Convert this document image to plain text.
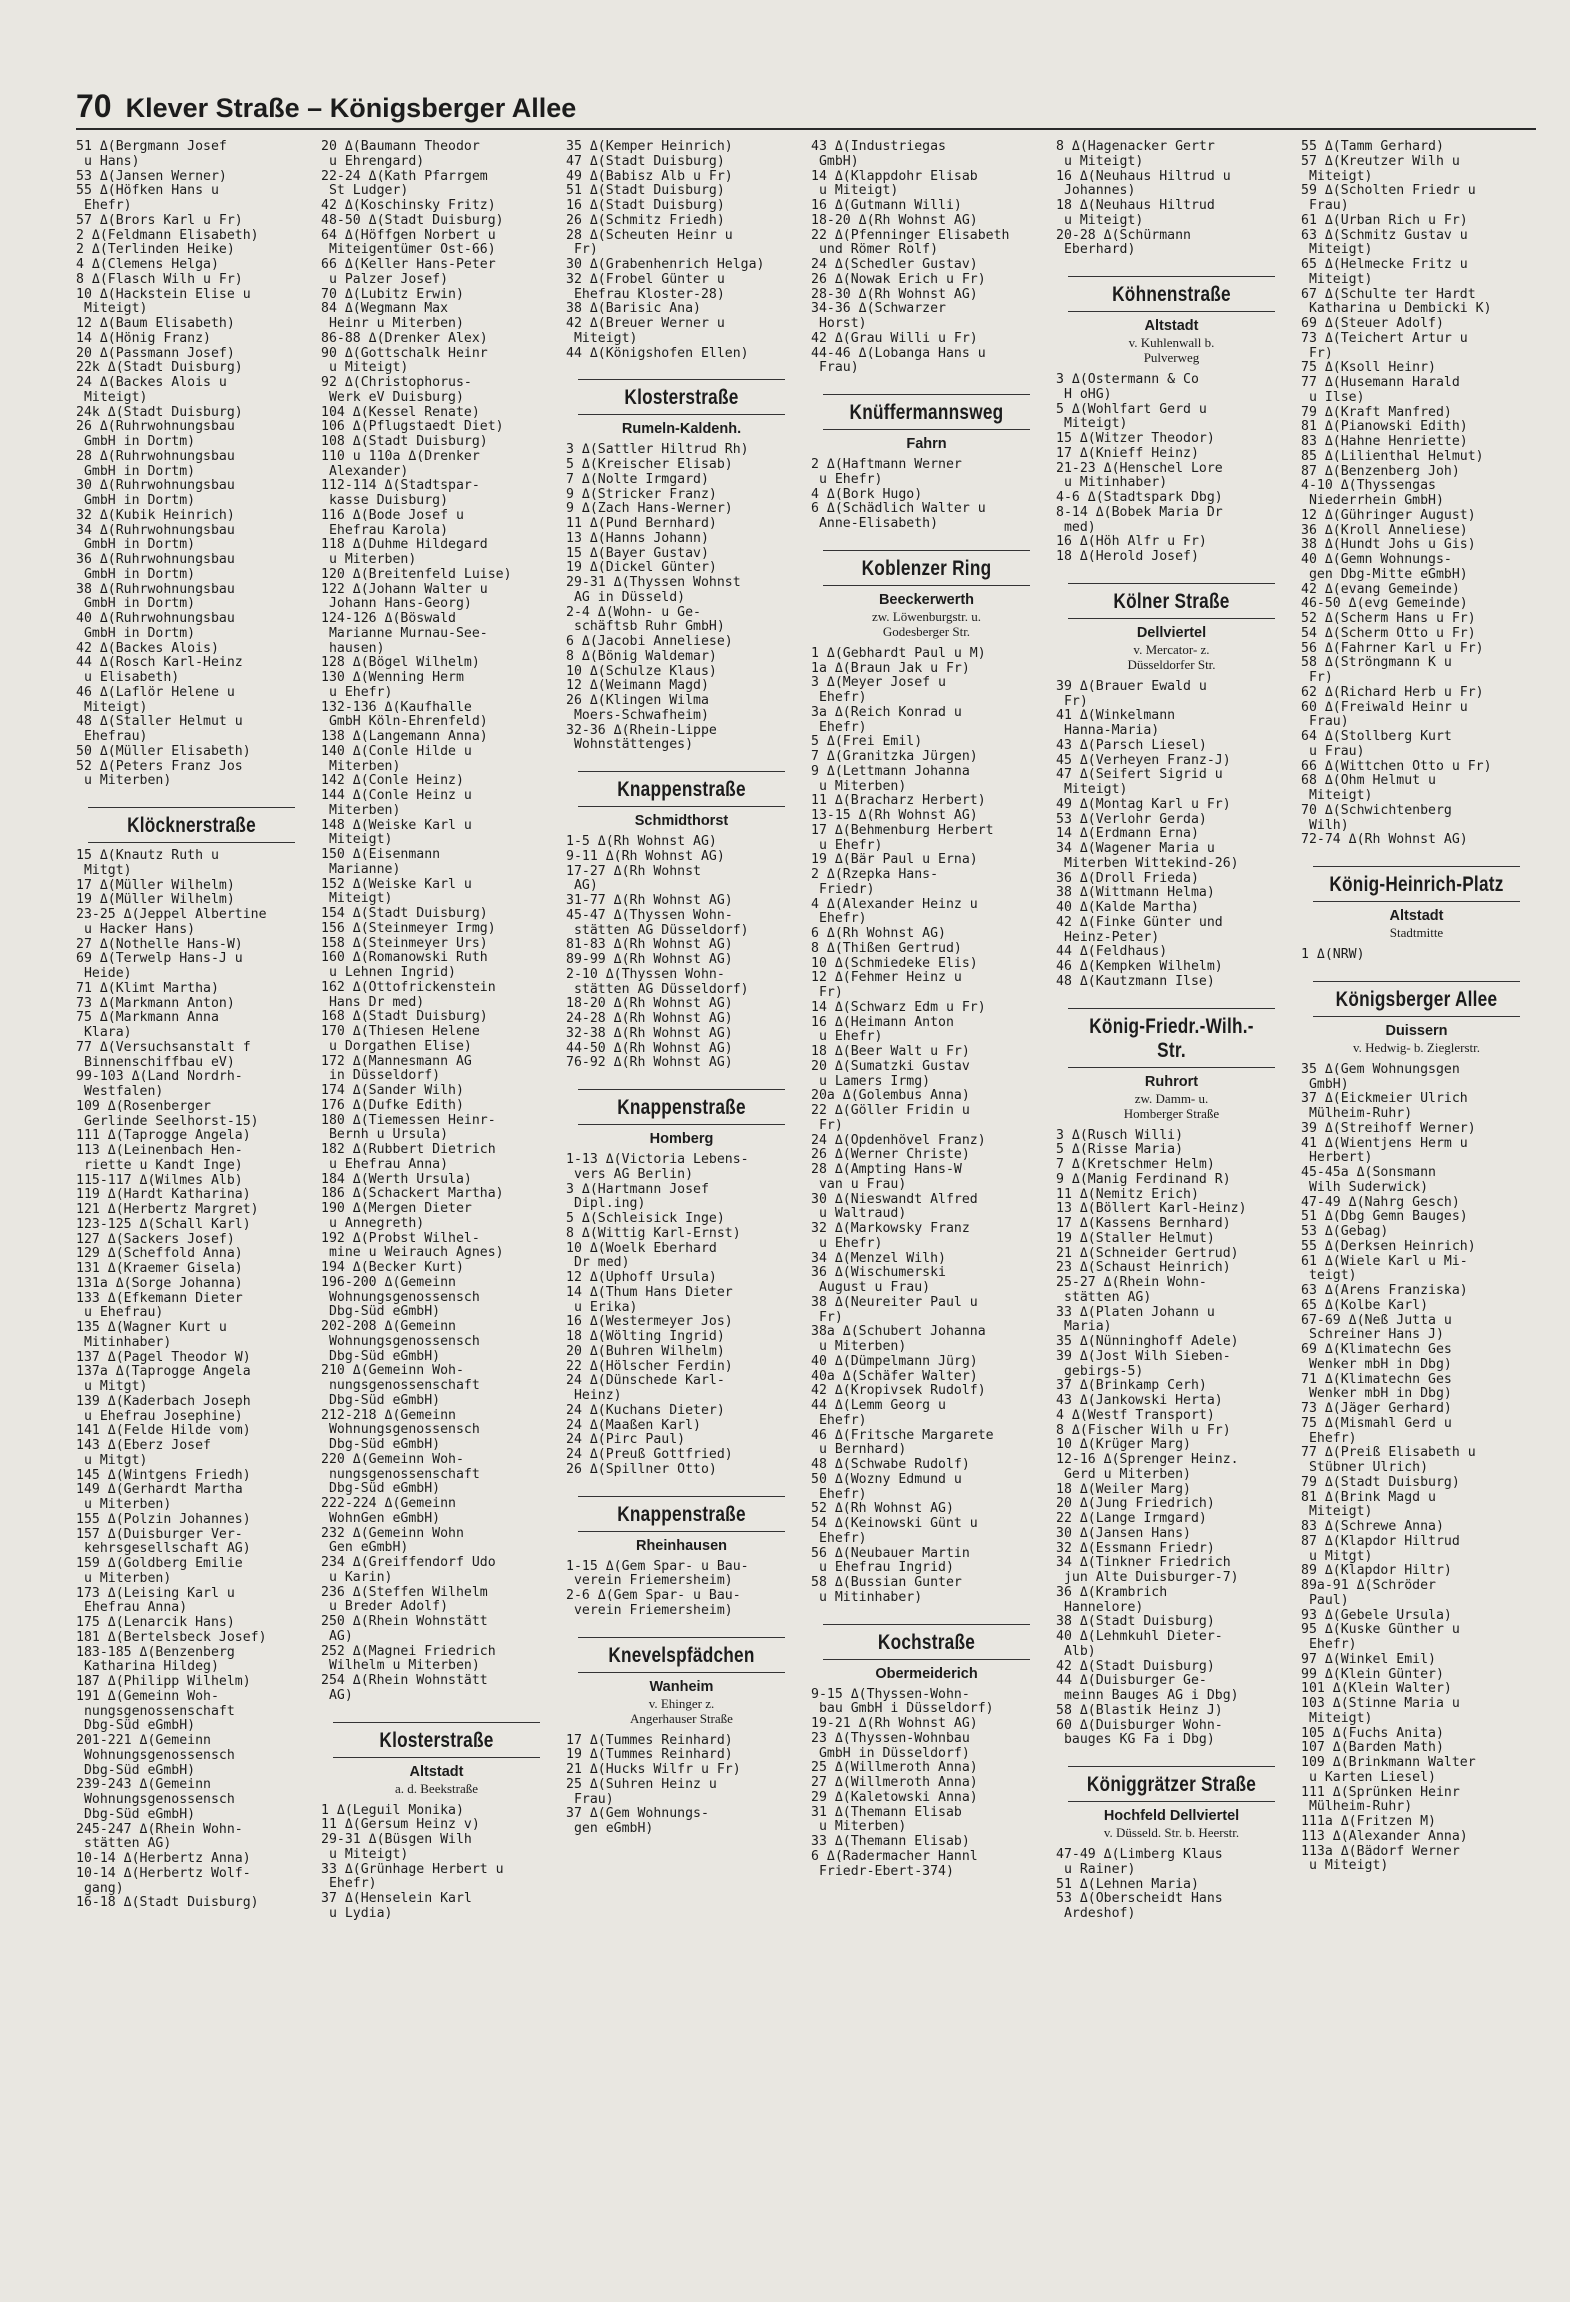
70 Klever Straße – Königsberger Allee
51 Δ(Bergmann Josef
u Hans)
53 Δ(Jansen Werner)
55 Δ(Höfken Hans u
Ehefr)
57 Δ(Brors Karl u Fr)
2 Δ(Feldmann Elisabeth)
2 Δ(Terlinden Heike)
4 Δ(Clemens Helga)
8 Δ(Flasch Wilh u Fr)
10 Δ(Hackstein Elise u
Miteigt)
12 Δ(Baum Elisabeth)
14 Δ(Hönig Franz)
20 Δ(Passmann Josef)
22k Δ(Stadt Duisburg)
24 Δ(Backes Alois u
Miteigt)
24k Δ(Stadt Duisburg)
26 Δ(Ruhrwohnungsbau
GmbH in Dortm)
28 Δ(Ruhrwohnungsbau
GmbH in Dortm)
30 Δ(Ruhrwohnungsbau
GmbH in Dortm)
32 Δ(Kubik Heinrich)
34 Δ(Ruhrwohnungsbau
GmbH in Dortm)
36 Δ(Ruhrwohnungsbau
GmbH in Dortm)
38 Δ(Ruhrwohnungsbau
GmbH in Dortm)
40 Δ(Ruhrwohnungsbau
GmbH in Dortm)
42 Δ(Backes Alois)
44 Δ(Rosch Karl-Heinz
u Elisabeth)
46 Δ(Laflör Helene u
Miteigt)
48 Δ(Staller Helmut u
Ehefrau)
50 Δ(Müller Elisabeth)
52 Δ(Peters Franz Jos
u Miterben)
Klöcknerstraße
15 Δ(Knautz Ruth u
Mitgt)
17 Δ(Müller Wilhelm)
19 Δ(Müller Wilhelm)
23-25 Δ(Jeppel Albertine
u Hacker Hans)
27 Δ(Nothelle Hans-W)
69 Δ(Terwelp Hans-J u
Heide)
71 Δ(Klimt Martha)
73 Δ(Markmann Anton)
75 Δ(Markmann Anna
Klara)
77 Δ(Versuchsanstalt f
Binnenschiffbau eV)
99-103 Δ(Land Nordrh-
Westfalen)
109 Δ(Rosenberger
Gerlinde Seelhorst-15)
111 Δ(Taprogge Angela)
113 Δ(Leinenbach Hen-
riette u Kandt Inge)
115-117 Δ(Wilmes Alb)
119 Δ(Hardt Katharina)
121 Δ(Herbertz Margret)
123-125 Δ(Schall Karl)
127 Δ(Sackers Josef)
129 Δ(Scheffold Anna)
131 Δ(Kraemer Gisela)
131a Δ(Sorge Johanna)
133 Δ(Efkemann Dieter
u Ehefrau)
135 Δ(Wagner Kurt u
Mitinhaber)
137 Δ(Pagel Theodor W)
137a Δ(Taprogge Angela
u Mitgt)
139 Δ(Kaderbach Joseph
u Ehefrau Josephine)
141 Δ(Felde Hilde vom)
143 Δ(Eberz Josef
u Mitgt)
145 Δ(Wintgens Friedh)
149 Δ(Gerhardt Martha
u Miterben)
155 Δ(Polzin Johannes)
157 Δ(Duisburger Ver-
kehrsgesellschaft AG)
159 Δ(Goldberg Emilie
u Miterben)
173 Δ(Leising Karl u
Ehefrau Anna)
175 Δ(Lenarcik Hans)
181 Δ(Bertelsbeck Josef)
183-185 Δ(Benzenberg
Katharina Hildeg)
187 Δ(Philipp Wilhelm)
191 Δ(Gemeinn Woh-
nungsgenossenschaft
Dbg-Süd eGmbH)
201-221 Δ(Gemeinn
Wohnungsgenossensch
Dbg-Süd eGmbH)
239-243 Δ(Gemeinn
Wohnungsgenossensch
Dbg-Süd eGmbH)
245-247 Δ(Rhein Wohn-
stätten AG)
10-14 Δ(Herbertz Anna)
10-14 Δ(Herbertz Wolf-
gang)
16-18 Δ(Stadt Duisburg)
20 Δ(Baumann Theodor
u Ehrengard)
22-24 Δ(Kath Pfarrgem
St Ludger)
42 Δ(Koschinsky Fritz)
48-50 Δ(Stadt Duisburg)
64 Δ(Höffgen Norbert u
Miteigentümer Ost-66)
66 Δ(Keller Hans-Peter
u Palzer Josef)
70 Δ(Lubitz Erwin)
84 Δ(Wegmann Max
Heinr u Miterben)
86-88 Δ(Drenker Alex)
90 Δ(Gottschalk Heinr
u Miteigt)
92 Δ(Christophorus-
Werk eV Duisburg)
104 Δ(Kessel Renate)
106 Δ(Pflugstaedt Diet)
108 Δ(Stadt Duisburg)
110 u 110a Δ(Drenker
Alexander)
112-114 Δ(Stadtspar-
kasse Duisburg)
116 Δ(Bode Josef u
Ehefrau Karola)
118 Δ(Duhme Hildegard
u Miterben)
120 Δ(Breitenfeld Luise)
122 Δ(Johann Walter u
Johann Hans-Georg)
124-126 Δ(Böswald
Marianne Murnau-See-
hausen)
128 Δ(Bögel Wilhelm)
130 Δ(Wenning Herm
u Ehefr)
132-136 Δ(Kaufhalle
GmbH Köln-Ehrenfeld)
138 Δ(Langemann Anna)
140 Δ(Conle Hilde u
Miterben)
142 Δ(Conle Heinz)
144 Δ(Conle Heinz u
Miterben)
148 Δ(Weiske Karl u
Miteigt)
150 Δ(Eisenmann
Marianne)
152 Δ(Weiske Karl u
Miteigt)
154 Δ(Stadt Duisburg)
156 Δ(Steinmeyer Irmg)
158 Δ(Steinmeyer Urs)
160 Δ(Romanowski Ruth
u Lehnen Ingrid)
162 Δ(Ottofrickenstein
Hans Dr med)
168 Δ(Stadt Duisburg)
170 Δ(Thiesen Helene
u Dorgathen Elise)
172 Δ(Mannesmann AG
in Düsseldorf)
174 Δ(Sander Wilh)
176 Δ(Dufke Edith)
180 Δ(Tiemessen Heinr-
Bernh u Ursula)
182 Δ(Rubbert Dietrich
u Ehefrau Anna)
184 Δ(Werth Ursula)
186 Δ(Schackert Martha)
190 Δ(Mergen Dieter
u Annegreth)
192 Δ(Probst Wilhel-
mine u Weirauch Agnes)
194 Δ(Becker Kurt)
196-200 Δ(Gemeinn
Wohnungsgenossensch
Dbg-Süd eGmbH)
202-208 Δ(Gemeinn
Wohnungsgenossensch
Dbg-Süd eGmbH)
210 Δ(Gemeinn Woh-
nungsgenossenschaft
Dbg-Süd eGmbH)
212-218 Δ(Gemeinn
Wohnungsgenossensch
Dbg-Süd eGmbH)
220 Δ(Gemeinn Woh-
nungsgenossenschaft
Dbg-Süd eGmbH)
222-224 Δ(Gemeinn
WohnGen eGmbH)
232 Δ(Gemeinn Wohn
Gen eGmbH)
234 Δ(Greiffendorf Udo
u Karin)
236 Δ(Steffen Wilhelm
u Breder Adolf)
250 Δ(Rhein Wohnstätt
AG)
252 Δ(Magnei Friedrich
Wilhelm u Miterben)
254 Δ(Rhein Wohnstätt
AG)
Klosterstraße
Altstadt
a. d. Beekstraße
1 Δ(Leguil Monika)
11 Δ(Gersum Heinz v)
29-31 Δ(Büsgen Wilh
u Miteigt)
33 Δ(Grünhage Herbert u
Ehefr)
37 Δ(Henselein Karl
u Lydia)
35 Δ(Kemper Heinrich)
47 Δ(Stadt Duisburg)
49 Δ(Babisz Alb u Fr)
51 Δ(Stadt Duisburg)
16 Δ(Stadt Duisburg)
26 Δ(Schmitz Friedh)
28 Δ(Scheuten Heinr u
Fr)
30 Δ(Grabenhenrich Helga)
32 Δ(Frobel Günter u
Ehefrau Kloster-28)
38 Δ(Barisic Ana)
42 Δ(Breuer Werner u
Miteigt)
44 Δ(Königshofen Ellen)
Klosterstraße
Rumeln-Kaldenh.
3 Δ(Sattler Hiltrud Rh)
5 Δ(Kreischer Elisab)
7 Δ(Nolte Irmgard)
9 Δ(Stricker Franz)
9 Δ(Zach Hans-Werner)
11 Δ(Pund Bernhard)
13 Δ(Hanns Johann)
15 Δ(Bayer Gustav)
19 Δ(Dickel Günter)
29-31 Δ(Thyssen Wohnst
AG in Düsseld)
2-4 Δ(Wohn- u Ge-
schäftsb Ruhr GmbH)
6 Δ(Jacobi Anneliese)
8 Δ(Bönig Waldemar)
10 Δ(Schulze Klaus)
12 Δ(Weimann Magd)
26 Δ(Klingen Wilma
Moers-Schwafheim)
32-36 Δ(Rhein-Lippe
Wohnstättenges)
Knappenstraße
Schmidthorst
1-5 Δ(Rh Wohnst AG)
9-11 Δ(Rh Wohnst AG)
17-27 Δ(Rh Wohnst
AG)
31-77 Δ(Rh Wohnst AG)
45-47 Δ(Thyssen Wohn-
stätten AG Düsseldorf)
81-83 Δ(Rh Wohnst AG)
89-99 Δ(Rh Wohnst AG)
2-10 Δ(Thyssen Wohn-
stätten AG Düsseldorf)
18-20 Δ(Rh Wohnst AG)
24-28 Δ(Rh Wohnst AG)
32-38 Δ(Rh Wohnst AG)
44-50 Δ(Rh Wohnst AG)
76-92 Δ(Rh Wohnst AG)
Knappenstraße
Homberg
1-13 Δ(Victoria Lebens-
vers AG Berlin)
3 Δ(Hartmann Josef
Dipl.ing)
5 Δ(Schleisick Inge)
8 Δ(Wittig Karl-Ernst)
10 Δ(Woelk Eberhard
Dr med)
12 Δ(Uphoff Ursula)
14 Δ(Thum Hans Dieter
u Erika)
16 Δ(Westermeyer Jos)
18 Δ(Wölting Ingrid)
20 Δ(Buhren Wilhelm)
22 Δ(Hölscher Ferdin)
24 Δ(Dünschede Karl-
Heinz)
24 Δ(Kuchans Dieter)
24 Δ(Maaßen Karl)
24 Δ(Pirc Paul)
24 Δ(Preuß Gottfried)
26 Δ(Spillner Otto)
Knappenstraße
Rheinhausen
1-15 Δ(Gem Spar- u Bau-
verein Friemersheim)
2-6 Δ(Gem Spar- u Bau-
verein Friemersheim)
Knevelspfädchen
Wanheim
v. Ehinger z.
Angerhauser Straße
17 Δ(Tummes Reinhard)
19 Δ(Tummes Reinhard)
21 Δ(Hucks Wilfr u Fr)
25 Δ(Suhren Heinz u
Frau)
37 Δ(Gem Wohnungs-
gen eGmbH)
43 Δ(Industriegas
GmbH)
14 Δ(Klappdohr Elisab
u Miteigt)
16 Δ(Gutmann Willi)
18-20 Δ(Rh Wohnst AG)
22 Δ(Pfenninger Elisabeth
und Römer Rolf)
24 Δ(Schedler Gustav)
26 Δ(Nowak Erich u Fr)
28-30 Δ(Rh Wohnst AG)
34-36 Δ(Schwarzer
Horst)
42 Δ(Grau Willi u Fr)
44-46 Δ(Lobanga Hans u
Frau)
Knüffermannsweg
Fahrn
2 Δ(Haftmann Werner
u Ehefr)
4 Δ(Bork Hugo)
6 Δ(Schädlich Walter u
Anne-Elisabeth)
Koblenzer Ring
Beeckerwerth
zw. Löwenburgstr. u.
Godesberger Str.
1 Δ(Gebhardt Paul u M)
1a Δ(Braun Jak u Fr)
3 Δ(Meyer Josef u
Ehefr)
3a Δ(Reich Konrad u
Ehefr)
5 Δ(Frei Emil)
7 Δ(Granitzka Jürgen)
9 Δ(Lettmann Johanna
u Miterben)
11 Δ(Bracharz Herbert)
13-15 Δ(Rh Wohnst AG)
17 Δ(Behmenburg Herbert
u Ehefr)
19 Δ(Bär Paul u Erna)
2 Δ(Rzepka Hans-
Friedr)
4 Δ(Alexander Heinz u
Ehefr)
6 Δ(Rh Wohnst AG)
8 Δ(Thißen Gertrud)
10 Δ(Schmiedeke Elis)
12 Δ(Fehmer Heinz u
Fr)
14 Δ(Schwarz Edm u Fr)
16 Δ(Heimann Anton
u Ehefr)
18 Δ(Beer Walt u Fr)
20 Δ(Sumatzki Gustav
u Lamers Irmg)
20a Δ(Golembus Anna)
22 Δ(Göller Fridin u
Fr)
24 Δ(Opdenhövel Franz)
26 Δ(Werner Christe)
28 Δ(Ampting Hans-W
van u Frau)
30 Δ(Nieswandt Alfred
u Waltraud)
32 Δ(Markowsky Franz
u Ehefr)
34 Δ(Menzel Wilh)
36 Δ(Wischumerski
August u Frau)
38 Δ(Neureiter Paul u
Fr)
38a Δ(Schubert Johanna
u Miterben)
40 Δ(Dümpelmann Jürg)
40a Δ(Schäfer Walter)
42 Δ(Kropivsek Rudolf)
44 Δ(Lemm Georg u
Ehefr)
46 Δ(Fritsche Margarete
u Bernhard)
48 Δ(Schwabe Rudolf)
50 Δ(Wozny Edmund u
Ehefr)
52 Δ(Rh Wohnst AG)
54 Δ(Keinowski Günt u
Ehefr)
56 Δ(Neubauer Martin
u Ehefrau Ingrid)
58 Δ(Bussian Gunter
u Mitinhaber)
Kochstraße
Obermeiderich
9-15 Δ(Thyssen-Wohn-
bau GmbH i Düsseldorf)
19-21 Δ(Rh Wohnst AG)
23 Δ(Thyssen-Wohnbau
GmbH in Düsseldorf)
25 Δ(Willmeroth Anna)
27 Δ(Willmeroth Anna)
29 Δ(Kaletowski Anna)
31 Δ(Themann Elisab
u Miterben)
33 Δ(Themann Elisab)
6 Δ(Radermacher Hannl
Friedr-Ebert-374)
8 Δ(Hagenacker Gertr
u Miteigt)
16 Δ(Neuhaus Hiltrud u
Johannes)
18 Δ(Neuhaus Hiltrud
u Miteigt)
20-28 Δ(Schürmann
Eberhard)
Köhnenstraße
Altstadt
v. Kuhlenwall b.
Pulverweg
3 Δ(Ostermann & Co
H oHG)
5 Δ(Wohlfart Gerd u
Miteigt)
15 Δ(Witzer Theodor)
17 Δ(Knieff Heinz)
21-23 Δ(Henschel Lore
u Mitinhaber)
4-6 Δ(Stadtspark Dbg)
8-14 Δ(Bobek Maria Dr
med)
16 Δ(Höh Alfr u Fr)
18 Δ(Herold Josef)
Kölner Straße
Dellviertel
v. Mercator- z.
Düsseldorfer Str.
39 Δ(Brauer Ewald u
Fr)
41 Δ(Winkelmann
Hanna-Maria)
43 Δ(Parsch Liesel)
45 Δ(Verheyen Franz-J)
47 Δ(Seifert Sigrid u
Miteigt)
49 Δ(Montag Karl u Fr)
53 Δ(Verlohr Gerda)
14 Δ(Erdmann Erna)
34 Δ(Wagener Maria u
Miterben Wittekind-26)
36 Δ(Droll Frieda)
38 Δ(Wittmann Helma)
40 Δ(Kalde Martha)
42 Δ(Finke Günter und
Heinz-Peter)
44 Δ(Feldhaus)
46 Δ(Kempken Wilhelm)
48 Δ(Kautzmann Ilse)
König-Friedr.-Wilh.-Str.
Ruhrort
zw. Damm- u.
Homberger Straße
3 Δ(Rusch Willi)
5 Δ(Risse Maria)
7 Δ(Kretschmer Helm)
9 Δ(Manig Ferdinand R)
11 Δ(Nemitz Erich)
13 Δ(Böllert Karl-Heinz)
17 Δ(Kassens Bernhard)
19 Δ(Staller Helmut)
21 Δ(Schneider Gertrud)
23 Δ(Schaust Heinrich)
25-27 Δ(Rhein Wohn-
stätten AG)
33 Δ(Platen Johann u
Maria)
35 Δ(Nünninghoff Adele)
39 Δ(Jost Wilh Sieben-
gebirgs-5)
37 Δ(Brinkamp Cerh)
43 Δ(Jankowski Herta)
4 Δ(Westf Transport)
8 Δ(Fischer Wilh u Fr)
10 Δ(Krüger Marg)
12-16 Δ(Sprenger Heinz.
Gerd u Miterben)
18 Δ(Weiler Marg)
20 Δ(Jung Friedrich)
22 Δ(Lange Irmgard)
30 Δ(Jansen Hans)
32 Δ(Essmann Friedr)
34 Δ(Tinkner Friedrich
jun Alte Duisburger-7)
36 Δ(Krambrich
Hannelore)
38 Δ(Stadt Duisburg)
40 Δ(Lehmkuhl Dieter-
Alb)
42 Δ(Stadt Duisburg)
44 Δ(Duisburger Ge-
meinn Bauges AG i Dbg)
58 Δ(Blastik Heinz J)
60 Δ(Duisburger Wohn-
bauges KG Fa i Dbg)
Königgrätzer Straße
Hochfeld Dellviertel
v. Düsseld. Str. b. Heerstr.
47-49 Δ(Limberg Klaus
u Rainer)
51 Δ(Lehnen Maria)
53 Δ(Oberscheidt Hans
Ardeshof)
55 Δ(Tamm Gerhard)
57 Δ(Kreutzer Wilh u
Miteigt)
59 Δ(Scholten Friedr u
Frau)
61 Δ(Urban Rich u Fr)
63 Δ(Schmitz Gustav u
Miteigt)
65 Δ(Helmecke Fritz u
Miteigt)
67 Δ(Schulte ter Hardt
Katharina u Dembicki K)
69 Δ(Steuer Adolf)
73 Δ(Teichert Artur u
Fr)
75 Δ(Ksoll Heinr)
77 Δ(Husemann Harald
u Ilse)
79 Δ(Kraft Manfred)
81 Δ(Pianowski Edith)
83 Δ(Hahne Henriette)
85 Δ(Lilienthal Helmut)
87 Δ(Benzenberg Joh)
4-10 Δ(Thyssengas
Niederrhein GmbH)
12 Δ(Gühringer August)
36 Δ(Kroll Anneliese)
38 Δ(Hundt Johs u Gis)
40 Δ(Gemn Wohnungs-
gen Dbg-Mitte eGmbH)
42 Δ(evang Gemeinde)
46-50 Δ(evg Gemeinde)
52 Δ(Scherm Hans u Fr)
54 Δ(Scherm Otto u Fr)
56 Δ(Fahrner Karl u Fr)
58 Δ(Ströngmann K u
Fr)
62 Δ(Richard Herb u Fr)
60 Δ(Freiwald Heinr u
Frau)
64 Δ(Stollberg Kurt
u Frau)
66 Δ(Wittchen Otto u Fr)
68 Δ(Ohm Helmut u
Miteigt)
70 Δ(Schwichtenberg
Wilh)
72-74 Δ(Rh Wohnst AG)
König-Heinrich-Platz
Altstadt
Stadtmitte
1 Δ(NRW)
Königsberger Allee
Duissern
v. Hedwig- b. Zieglerstr.
35 Δ(Gem Wohnungsgen
GmbH)
37 Δ(Eickmeier Ulrich
Mülheim-Ruhr)
39 Δ(Streihoff Werner)
41 Δ(Wientjens Herm u
Herbert)
45-45a Δ(Sonsmann
Wilh Suderwick)
47-49 Δ(Nahrg Gesch)
51 Δ(Dbg Gemn Bauges)
53 Δ(Gebag)
55 Δ(Derksen Heinrich)
61 Δ(Wiele Karl u Mi-
teigt)
63 Δ(Arens Franziska)
65 Δ(Kolbe Karl)
67-69 Δ(Neß Jutta u
Schreiner Hans J)
69 Δ(Klimatechn Ges
Wenker mbH in Dbg)
71 Δ(Klimatechn Ges
Wenker mbH in Dbg)
73 Δ(Jäger Gerhard)
75 Δ(Mismahl Gerd u
Ehefr)
77 Δ(Preiß Elisabeth u
Stübner Ulrich)
79 Δ(Stadt Duisburg)
81 Δ(Brink Magd u
Miteigt)
83 Δ(Schrewe Anna)
87 Δ(Klapdor Hiltrud
u Mitgt)
89 Δ(Klapdor Hiltr)
89a-91 Δ(Schröder
Paul)
93 Δ(Gebele Ursula)
95 Δ(Kuske Günther u
Ehefr)
97 Δ(Winkel Emil)
99 Δ(Klein Günter)
101 Δ(Klein Walter)
103 Δ(Stinne Maria u
Miteigt)
105 Δ(Fuchs Anita)
107 Δ(Barden Math)
109 Δ(Brinkmann Walter
u Karten Liesel)
111 Δ(Sprünken Heinr
Mülheim-Ruhr)
111a Δ(Fritzen M)
113 Δ(Alexander Anna)
113a Δ(Bädorf Werner
u Miteigt)
